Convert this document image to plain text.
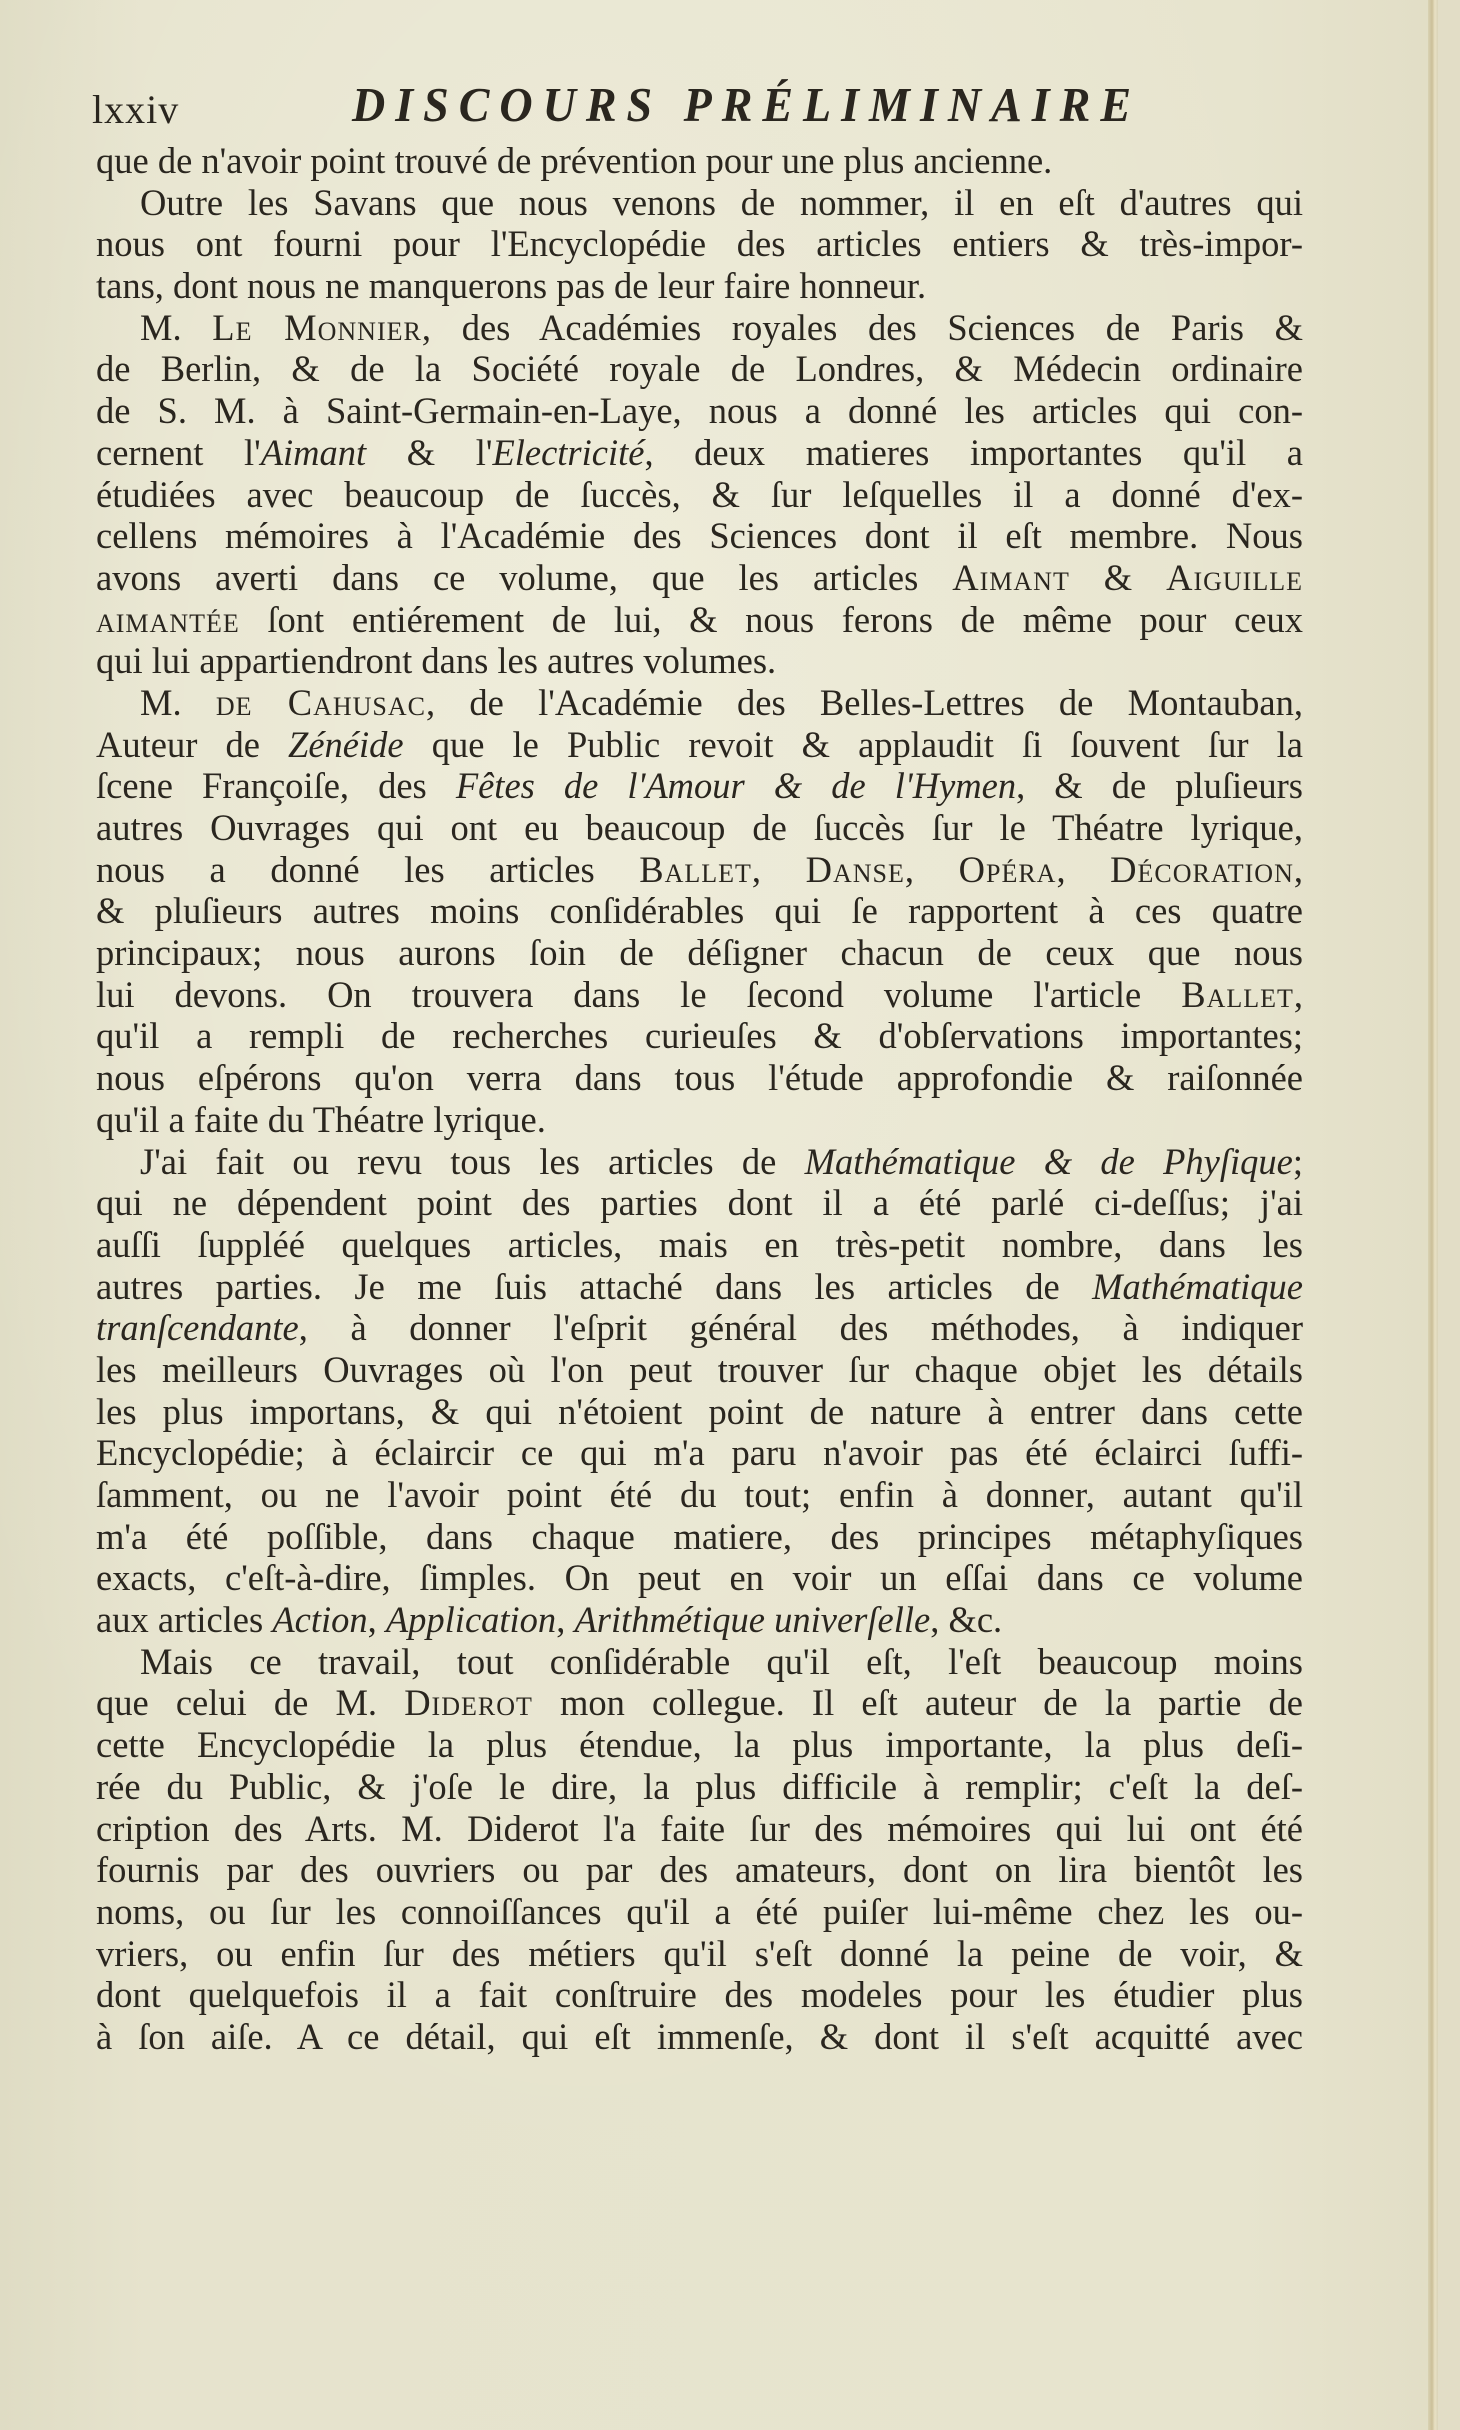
lxxiv	DISCOURS PRÉLIMINAIRE
que de n'avoir point trouvé de prévention pour une plus ancienne.
Outre les Savans que nous venons de nommer, il en eſt d'autres qui
nous ont fourni pour l'Encyclopédie des articles entiers & très-impor-
tans, dont nous ne manquerons pas de leur faire honneur.
M. Le Monnier, des Académies royales des Sciences de Paris &
de Berlin, & de la Société royale de Londres, & Médecin ordinaire
de S. M. à Saint-Germain-en-Laye, nous a donné les articles qui con-
cernent l'Aimant & l'Electricité, deux matieres importantes qu'il a
étudiées avec beaucoup de ſuccès, & ſur leſquelles il a donné d'ex-
cellens mémoires à l'Académie des Sciences dont il eſt membre. Nous
avons averti dans ce volume, que les articles Aimant & Aiguille
aimantée ſont entiérement de lui, & nous ferons de même pour ceux
qui lui appartiendront dans les autres volumes.
M. de Cahusac, de l'Académie des Belles-Lettres de Montauban,
Auteur de Zénéide que le Public revoit & applaudit ſi ſouvent ſur la
ſcene Françoiſe, des Fêtes de l'Amour & de l'Hymen, & de pluſieurs
autres Ouvrages qui ont eu beaucoup de ſuccès ſur le Théatre lyrique,
nous a donné les articles Ballet, Danse, Opéra, Décoration,
& pluſieurs autres moins conſidérables qui ſe rapportent à ces quatre
principaux; nous aurons ſoin de déſigner chacun de ceux que nous
lui devons. On trouvera dans le ſecond volume l'article Ballet,
qu'il a rempli de recherches curieuſes & d'obſervations importantes;
nous eſpérons qu'on verra dans tous l'étude approfondie & raiſonnée
qu'il a faite du Théatre lyrique.
J'ai fait ou revu tous les articles de Mathématique & de Phyſique;
qui ne dépendent point des parties dont il a été parlé ci-deſſus; j'ai
auſſi ſuppléé quelques articles, mais en très-petit nombre, dans les
autres parties. Je me ſuis attaché dans les articles de Mathématique
tranſcendante, à donner l'eſprit général des méthodes, à indiquer
les meilleurs Ouvrages où l'on peut trouver ſur chaque objet les détails
les plus importans, & qui n'étoient point de nature à entrer dans cette
Encyclopédie; à éclaircir ce qui m'a paru n'avoir pas été éclairci ſuffi-
ſamment, ou ne l'avoir point été du tout; enfin à donner, autant qu'il
m'a été poſſible, dans chaque matiere, des principes métaphyſiques
exacts, c'eſt-à-dire, ſimples. On peut en voir un eſſai dans ce volume
aux articles Action, Application, Arithmétique univerſelle, &c.
Mais ce travail, tout conſidérable qu'il eſt, l'eſt beaucoup moins
que celui de M. Diderot mon collegue. Il eſt auteur de la partie de
cette Encyclopédie la plus étendue, la plus importante, la plus deſi-
rée du Public, & j'oſe le dire, la plus difficile à remplir; c'eſt la deſ-
cription des Arts. M. Diderot l'a faite ſur des mémoires qui lui ont été
fournis par des ouvriers ou par des amateurs, dont on lira bientôt les
noms, ou ſur les connoiſſances qu'il a été puiſer lui-même chez les ou-
vriers, ou enfin ſur des métiers qu'il s'eſt donné la peine de voir, &
dont quelquefois il a fait conſtruire des modeles pour les étudier plus
à ſon aiſe. A ce détail, qui eſt immenſe, & dont il s'eſt acquitté avec
